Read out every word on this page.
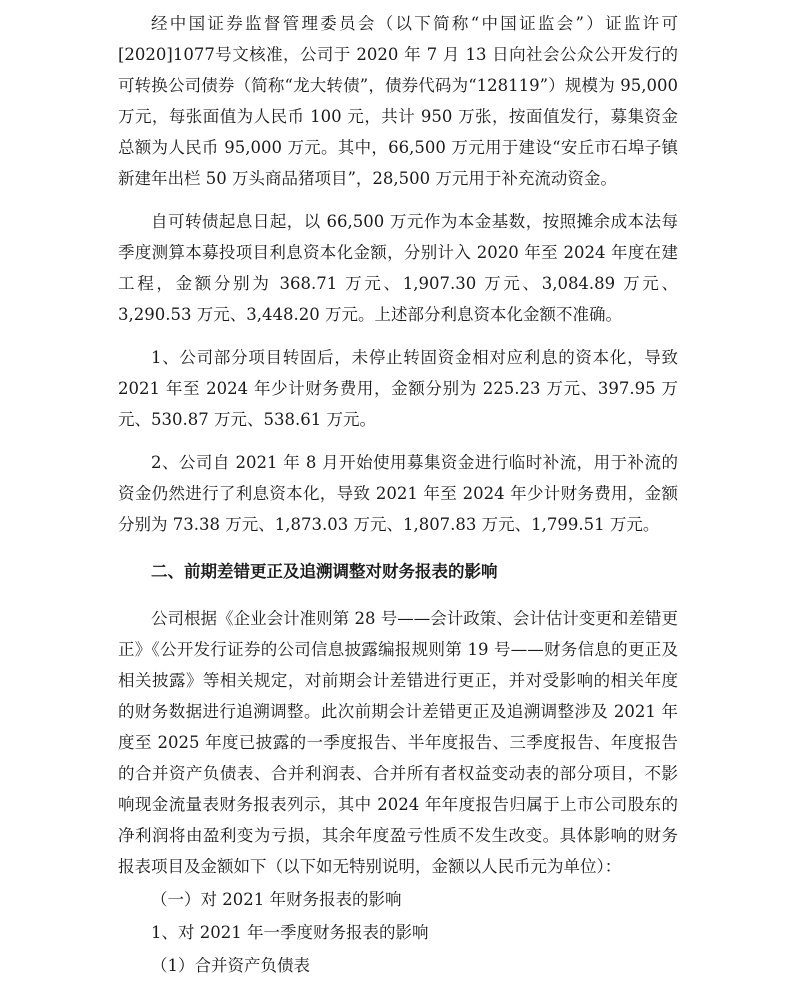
经中国证券监督管理委员会（以下简称“中国证监会”）证监许可[2020]1077号文核准，公司于 2020 年 7 月 13 日向社会公众公开发行的可转换公司债券（简称“龙大转债”，债券代码为“128119”）规模为 95,000 万元，每张面值为人民币 100 元，共计 950 万张，按面值发行，募集资金总额为人民币 95,000 万元。其中，66,500 万元用于建设“安丘市石埠子镇新建年出栏 50 万头商品猪项目”，28,500 万元用于补充流动资金。

自可转债起息日起，以 66,500 万元作为本金基数，按照摊余成本法每季度测算本募投项目利息资本化金额，分别计入 2020 年至 2024 年度在建工程，金额分别为 368.71 万元、1,907.30 万元、3,084.89 万元、3,290.53 万元、3,448.20 万元。上述部分利息资本化金额不准确。

1、公司部分项目转固后，未停止转固资金相对应利息的资本化，导致 2021 年至 2024 年少计财务费用，金额分别为 225.23 万元、397.95 万元、530.87 万元、538.61 万元。

2、公司自 2021 年 8 月开始使用募集资金进行临时补流，用于补流的资金仍然进行了利息资本化，导致 2021 年至 2024 年少计财务费用，金额分别为 73.38 万元、1,873.03 万元、1,807.83 万元、1,799.51 万元。

二、前期差错更正及追溯调整对财务报表的影响

公司根据《企业会计准则第 28 号——会计政策、会计估计变更和差错更正》《公开发行证券的公司信息披露编报规则第 19 号——财务信息的更正及相关披露》等相关规定，对前期会计差错进行更正，并对受影响的相关年度的财务数据进行追溯调整。此次前期会计差错更正及追溯调整涉及 2021 年度至 2025 年度已披露的一季度报告、半年度报告、三季度报告、年度报告的合并资产负债表、合并利润表、合并所有者权益变动表的部分项目，不影响现金流量表财务报表列示，其中 2024 年年度报告归属于上市公司股东的净利润将由盈利变为亏损，其余年度盈亏性质不发生改变。具体影响的财务报表项目及金额如下（以下如无特别说明，金额以人民币元为单位）：

（一）对 2021 年财务报表的影响

1、对 2021 年一季度财务报表的影响

（1）合并资产负债表
